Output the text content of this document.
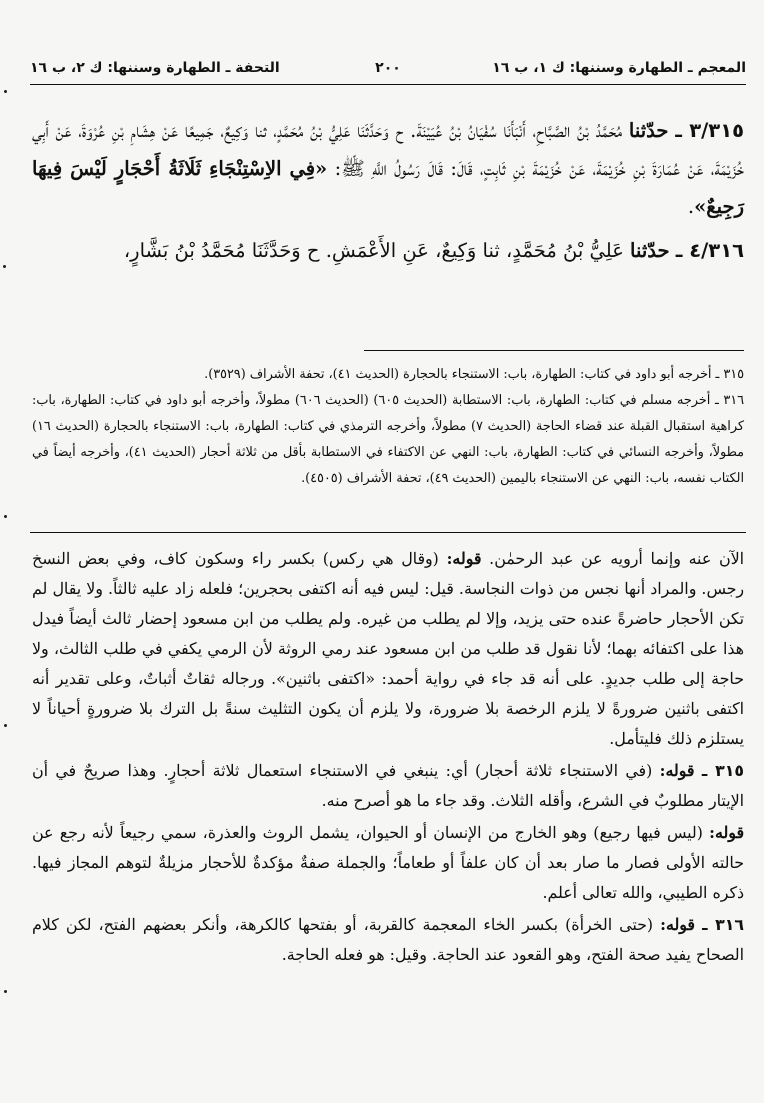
المعجم ـ الطهارة وسننها: ك ١، ب ١٦
٢٠٠
التحفة ـ الطهارة وسننها: ك ٢، ب ١٦

٣/٣١٥ ـ حدّثنا مُحَمَّدُ بْنُ الصَّبَّاحِ، أَنْبَأَنَا سُفْيَانُ بْنُ عُيَيْنَةَ. ح وَحَدَّثَنَا عَلِيُّ بْنُ مُحَمَّدٍ، ثنا وَكِيعٌ، جَمِيعًا عَنْ هِشَامِ بْنِ عُرْوَةَ، عَنْ أَبِي خُزَيْمَةَ، عَنْ عُمَارَةَ بْنِ خُزَيْمَةَ، عَنْ خُزَيْمَةَ بْنِ ثَابِتٍ، قَالَ: قَالَ رَسُولُ اللَّهِ ﷺ: «فِي الاِسْتِنْجَاءِ ثَلَاثَةُ أَحْجَارٍ لَيْسَ فِيهَا رَجِيعٌ».

٤/٣١٦ ـ حدّثنا عَلِيُّ بْنُ مُحَمَّدٍ، ثنا وَكِيعٌ، عَنِ الأَعْمَشِ. ح وَحَدَّثَنَا مُحَمَّدُ بْنُ بَشَّارٍ،

٣١٥ ـ أخرجه أبو داود في كتاب: الطهارة، باب: الاستنجاء بالحجارة (الحديث ٤١)، تحفة الأشراف (٣٥٢٩).

٣١٦ ـ أخرجه مسلم في كتاب: الطهارة، باب: الاستطابة (الحديث ٦٠٥) (الحديث ٦٠٦) مطولاً، وأخرجه أبو داود في كتاب: الطهارة، باب: كراهية استقبال القبلة عند قضاء الحاجة (الحديث ٧) مطولاً، وأخرجه الترمذي في كتاب: الطهارة، باب: الاستنجاء بالحجارة (الحديث ١٦) مطولاً، وأخرجه النسائي في كتاب: الطهارة، باب: النهي عن الاكتفاء في الاستطابة بأقل من ثلاثة أحجار (الحديث ٤١)، وأخرجه أيضاً في الكتاب نفسه، باب: النهي عن الاستنجاء باليمين (الحديث ٤٩)، تحفة الأشراف (٤٥٠٥).

الآن عنه وإنما أرويه عن عبد الرحمٰن. قوله: (وقال هي ركس) بكسر راء وسكون كاف، وفي بعض النسخ رجس. والمراد أنها نجس من ذوات النجاسة. قيل: ليس فيه أنه اكتفى بحجرين؛ فلعله زاد عليه ثالثاً. ولا يقال لم تكن الأحجار حاضرةً عنده حتى يزيد، وإلا لم يطلب من غيره. ولم يطلب من ابن مسعود إحضار ثالث أيضاً فيدل هذا على اكتفائه بهما؛ لأنا نقول قد طلب من ابن مسعود عند رمي الروثة لأن الرمي يكفي في طلب الثالث، ولا حاجة إلى طلب جديدٍ. على أنه قد جاء في رواية أحمد: «اكتفى باثنين». ورجاله ثقاتٌ أثباتٌ، وعلى تقدير أنه اكتفى باثنين ضرورةً لا يلزم الرخصة بلا ضرورة، ولا يلزم أن يكون التثليث سنةً بل الترك بلا ضرورةٍ أحياناً لا يستلزم ذلك فليتأمل.

٣١٥ ـ قوله: (في الاستنجاء ثلاثة أحجار) أي: ينبغي في الاستنجاء استعمال ثلاثة أحجارٍ. وهذا صريحٌ في أن الإيتار مطلوبٌ في الشرع، وأقله الثلاث. وقد جاء ما هو أصرح منه.

قوله: (ليس فيها رجيع) وهو الخارج من الإنسان أو الحيوان، يشمل الروث والعذرة، سمي رجيعاً لأنه رجع عن حالته الأولى فصار ما صار بعد أن كان علفاً أو طعاماً؛ والجملة صفةٌ مؤكدةٌ للأحجار مزيلةٌ لتوهم المجاز فيها. ذكره الطيبي، والله تعالى أعلم.

٣١٦ ـ قوله: (حتى الخرأة) بكسر الخاء المعجمة كالقربة، أو بفتحها كالكرهة، وأنكر بعضهم الفتح، لكن كلام الصحاح يفيد صحة الفتح، وهو القعود عند الحاجة. وقيل: هو فعله الحاجة.
